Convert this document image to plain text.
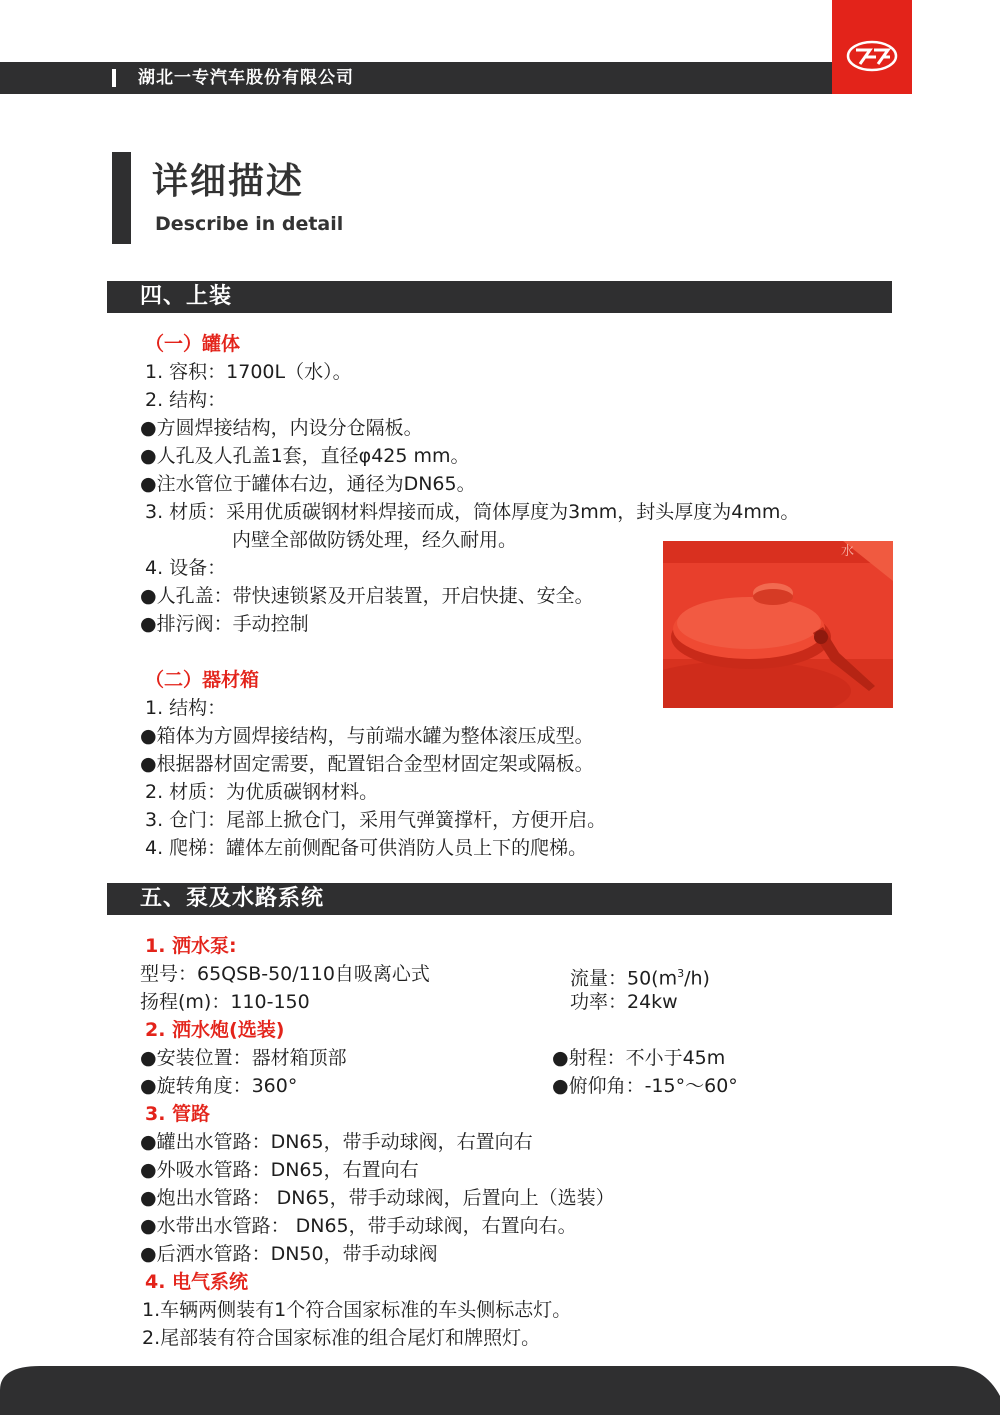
湖北一专汽车股份有限公司
详细描述
Describe in detail
四、上装
（一）罐体
1. 容积：1700L（水）。
2. 结构：
●方圆焊接结构，内设分仓隔板。
●人孔及人孔盖1套，直径φ425 mm。
●注水管位于罐体右边，通径为DN65。
3. 材质：采用优质碳钢材料焊接而成，筒体厚度为3mm，封头厚度为4mm。
内壁全部做防锈处理，经久耐用。
4. 设备：
●人孔盖：带快速锁紧及开启装置，开启快捷、安全。
●排污阀：手动控制
水
（二）器材箱
1. 结构：
●箱体为方圆焊接结构，与前端水罐为整体滚压成型。
●根据器材固定需要，配置铝合金型材固定架或隔板。
2. 材质：为优质碳钢材料。
3. 仓门：尾部上掀仓门，采用气弹簧撑杆，方便开启。
4. 爬梯：罐体左前侧配备可供消防人员上下的爬梯。
五、泵及水路系统
1. 洒水泵:
型号：65QSB-50/110自吸离心式	流量：$50(m^3/h)$
扬程(m)：110-150	功率：24kw
2. 洒水炮(选装)
●安装位置：器材箱顶部	●射程：不小于45m
●旋转角度：360°	●俯仰角：-15°～60°
3. 管路
●罐出水管路：DN65，带手动球阀，右置向右
●外吸水管路：DN65，右置向右
●炮出水管路： DN65，带手动球阀，后置向上（选装）
●水带出水管路： DN65，带手动球阀，右置向右。
●后洒水管路：DN50，带手动球阀
4. 电气系统
1.车辆两侧装有1个符合国家标准的车头侧标志灯。
2.尾部装有符合国家标准的组合尾灯和牌照灯。
